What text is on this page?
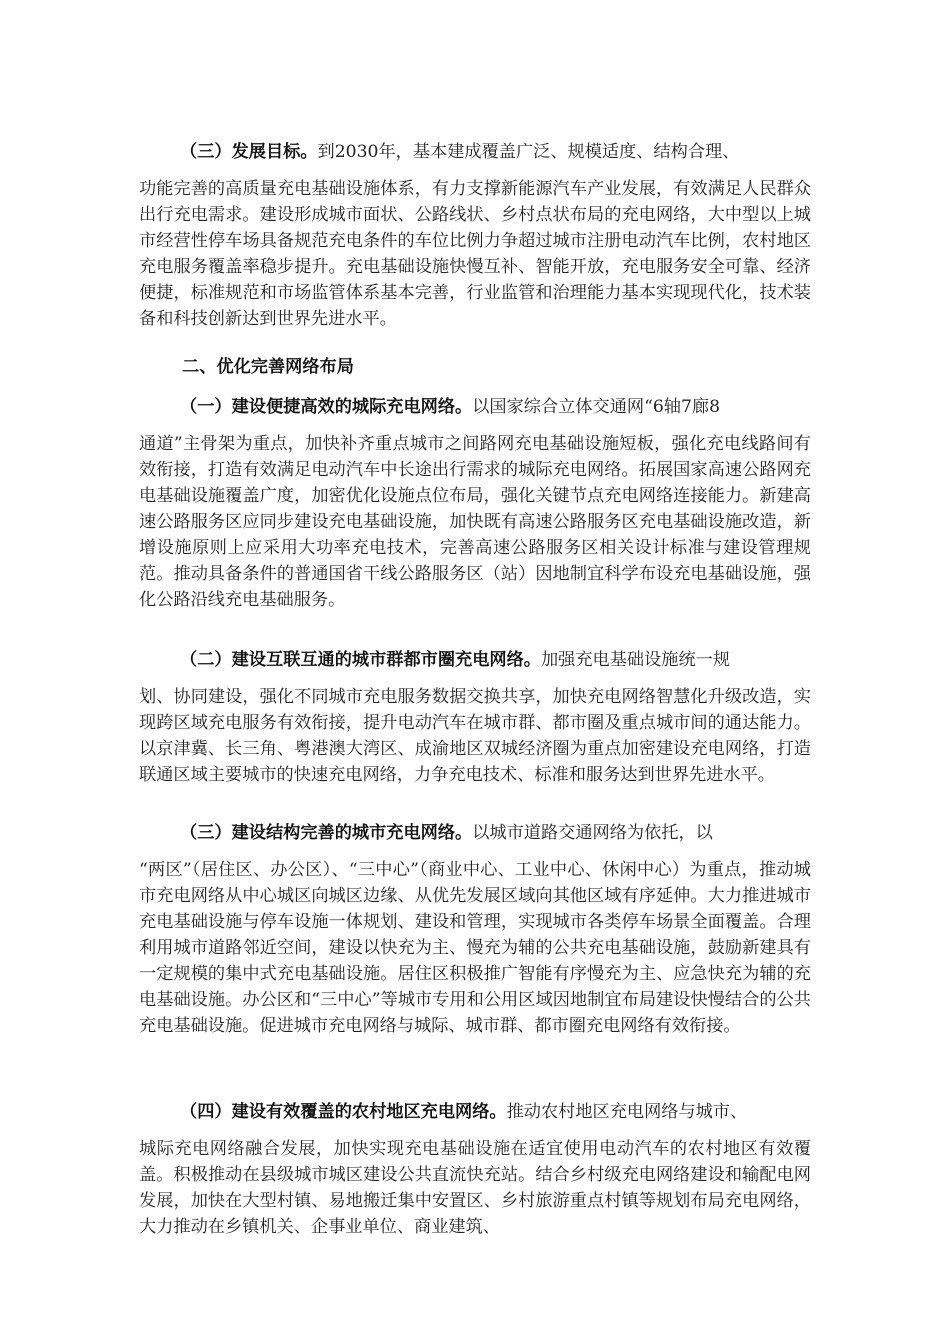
（三）发展目标。到2030年，基本建成覆盖广泛、规模适度、结构合理、

功能完善的高质量充电基础设施体系，有力支撑新能源汽车产业发展，有效满足人民群众出行充电需求。建设形成城市面状、公路线状、乡村点状布局的充电网络，大中型以上城市经营性停车场具备规范充电条件的车位比例力争超过城市注册电动汽车比例，农村地区充电服务覆盖率稳步提升。充电基础设施快慢互补、智能开放，充电服务安全可靠、经济便捷，标准规范和市场监管体系基本完善，行业监管和治理能力基本实现现代化，技术装备和科技创新达到世界先进水平。

二、优化完善网络布局

（一）建设便捷高效的城际充电网络。以国家综合立体交通网“6轴7廊8

通道”主骨架为重点，加快补齐重点城市之间路网充电基础设施短板，强化充电线路间有效衔接，打造有效满足电动汽车中长途出行需求的城际充电网络。拓展国家高速公路网充电基础设施覆盖广度，加密优化设施点位布局，强化关键节点充电网络连接能力。新建高速公路服务区应同步建设充电基础设施，加快既有高速公路服务区充电基础设施改造，新增设施原则上应采用大功率充电技术，完善高速公路服务区相关设计标准与建设管理规范。推动具备条件的普通国省干线公路服务区（站）因地制宜科学布设充电基础设施，强化公路沿线充电基础服务。

（二）建设互联互通的城市群都市圈充电网络。加强充电基础设施统一规

划、协同建设，强化不同城市充电服务数据交换共享，加快充电网络智慧化升级改造，实现跨区域充电服务有效衔接，提升电动汽车在城市群、都市圈及重点城市间的通达能力。以京津冀、长三角、粤港澳大湾区、成渝地区双城经济圈为重点加密建设充电网络，打造联通区域主要城市的快速充电网络，力争充电技术、标准和服务达到世界先进水平。

（三）建设结构完善的城市充电网络。以城市道路交通网络为依托，以

“两区”（居住区、办公区）、“三中心”（商业中心、工业中心、休闲中心）为重点，推动城市充电网络从中心城区向城区边缘、从优先发展区域向其他区域有序延伸。大力推进城市充电基础设施与停车设施一体规划、建设和管理，实现城市各类停车场景全面覆盖。合理利用城市道路邻近空间，建设以快充为主、慢充为辅的公共充电基础设施，鼓励新建具有一定规模的集中式充电基础设施。居住区积极推广智能有序慢充为主、应急快充为辅的充电基础设施。办公区和“三中心”等城市专用和公用区域因地制宜布局建设快慢结合的公共充电基础设施。促进城市充电网络与城际、城市群、都市圈充电网络有效衔接。

（四）建设有效覆盖的农村地区充电网络。推动农村地区充电网络与城市、

城际充电网络融合发展，加快实现充电基础设施在适宜使用电动汽车的农村地区有效覆盖。积极推动在县级城市城区建设公共直流快充站。结合乡村级充电网络建设和输配电网发展，加快在大型村镇、易地搬迁集中安置区、乡村旅游重点村镇等规划布局充电网络，大力推动在乡镇机关、企事业单位、商业建筑、
